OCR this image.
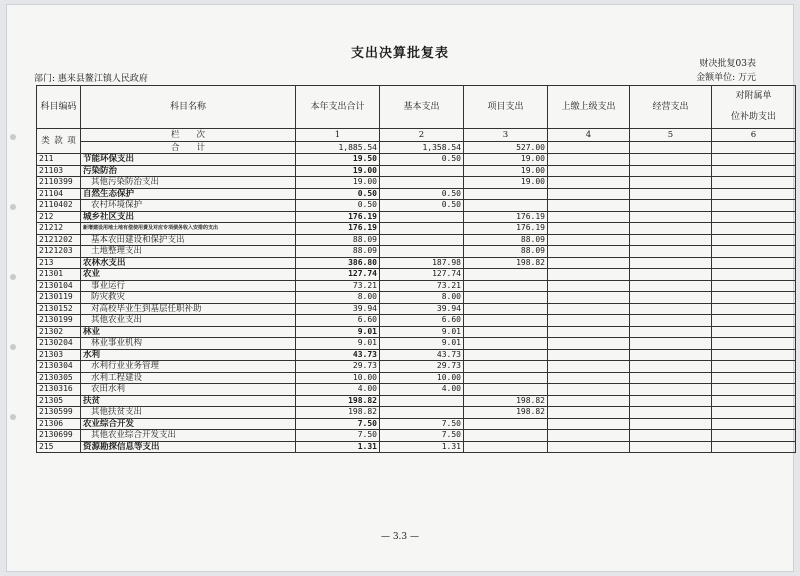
支出决算批复表
财决批复03表
部门: 惠来县鳌江镇人民政府	金额单位: 万元
科目编码	科目名称	本年支出合计	基本支出	项目支出	上缴上级支出	经营支出	对附属单
位补助支出

类 款 项	栏　　次	1	2	3	4	5	6
	合　　计	1,885.54	1,358.54	527.00			
211	节能环保支出	19.50	0.50	19.00			
21103	污染防治	19.00		19.00			
2110399	其他污染防治支出	19.00		19.00			
21104	自然生态保护	0.50	0.50				
2110402	农村环境保护	0.50	0.50				
212	城乡社区支出	176.19		176.19			
21212	新增建设用地土地有偿使用费及对应专项债务收入安排的支出	176.19		176.19			
2121202	基本农田建设和保护支出	88.09		88.09			
2121203	土地整理支出	88.09		88.09			
213	农林水支出	386.80	187.98	198.82			
21301	农业	127.74	127.74				
2130104	事业运行	73.21	73.21				
2130119	防灾救灾	8.00	8.00				
2130152	对高校毕业生到基层任职补助	39.94	39.94				
2130199	其他农业支出	6.60	6.60				
21302	林业	9.01	9.01				
2130204	林业事业机构	9.01	9.01				
21303	水利	43.73	43.73				
2130304	水利行业业务管理	29.73	29.73				
2130305	水利工程建设	10.00	10.00				
2130316	农田水利	4.00	4.00				
21305	扶贫	198.82		198.82			
2130599	其他扶贫支出	198.82		198.82			
21306	农业综合开发	7.50	7.50				
2130699	其他农业综合开发支出	7.50	7.50				
215	资源勘探信息等支出	1.31	1.31				
— 3.3 —
